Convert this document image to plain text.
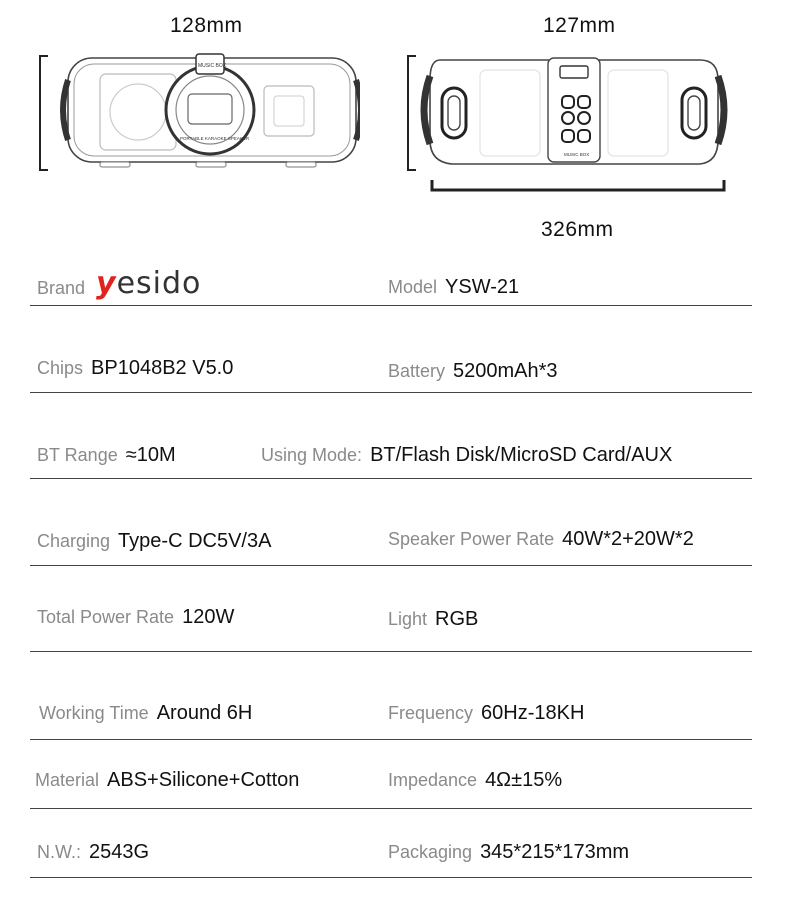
128mm	127mm
326mm
MUSIC BOX
PORTABLE KARAOKE SPEAKER
MUSIC BOX
Brand yesido	Model YSW-21
Chips BP1048B2 V5.0	Battery 5200mAh*3
BT Range ≈10M	Using Mode: BT/Flash Disk/MicroSD Card/AUX
Charging Type-C DC5V/3A	Speaker Power Rate 40W*2+20W*2
Total Power Rate 120W	Light RGB
Working Time Around 6H	Frequency 60Hz-18KH
Material ABS+Silicone+Cotton	Impedance 4Ω±15%
N.W.: 2543G	Packaging 345*215*173mm
